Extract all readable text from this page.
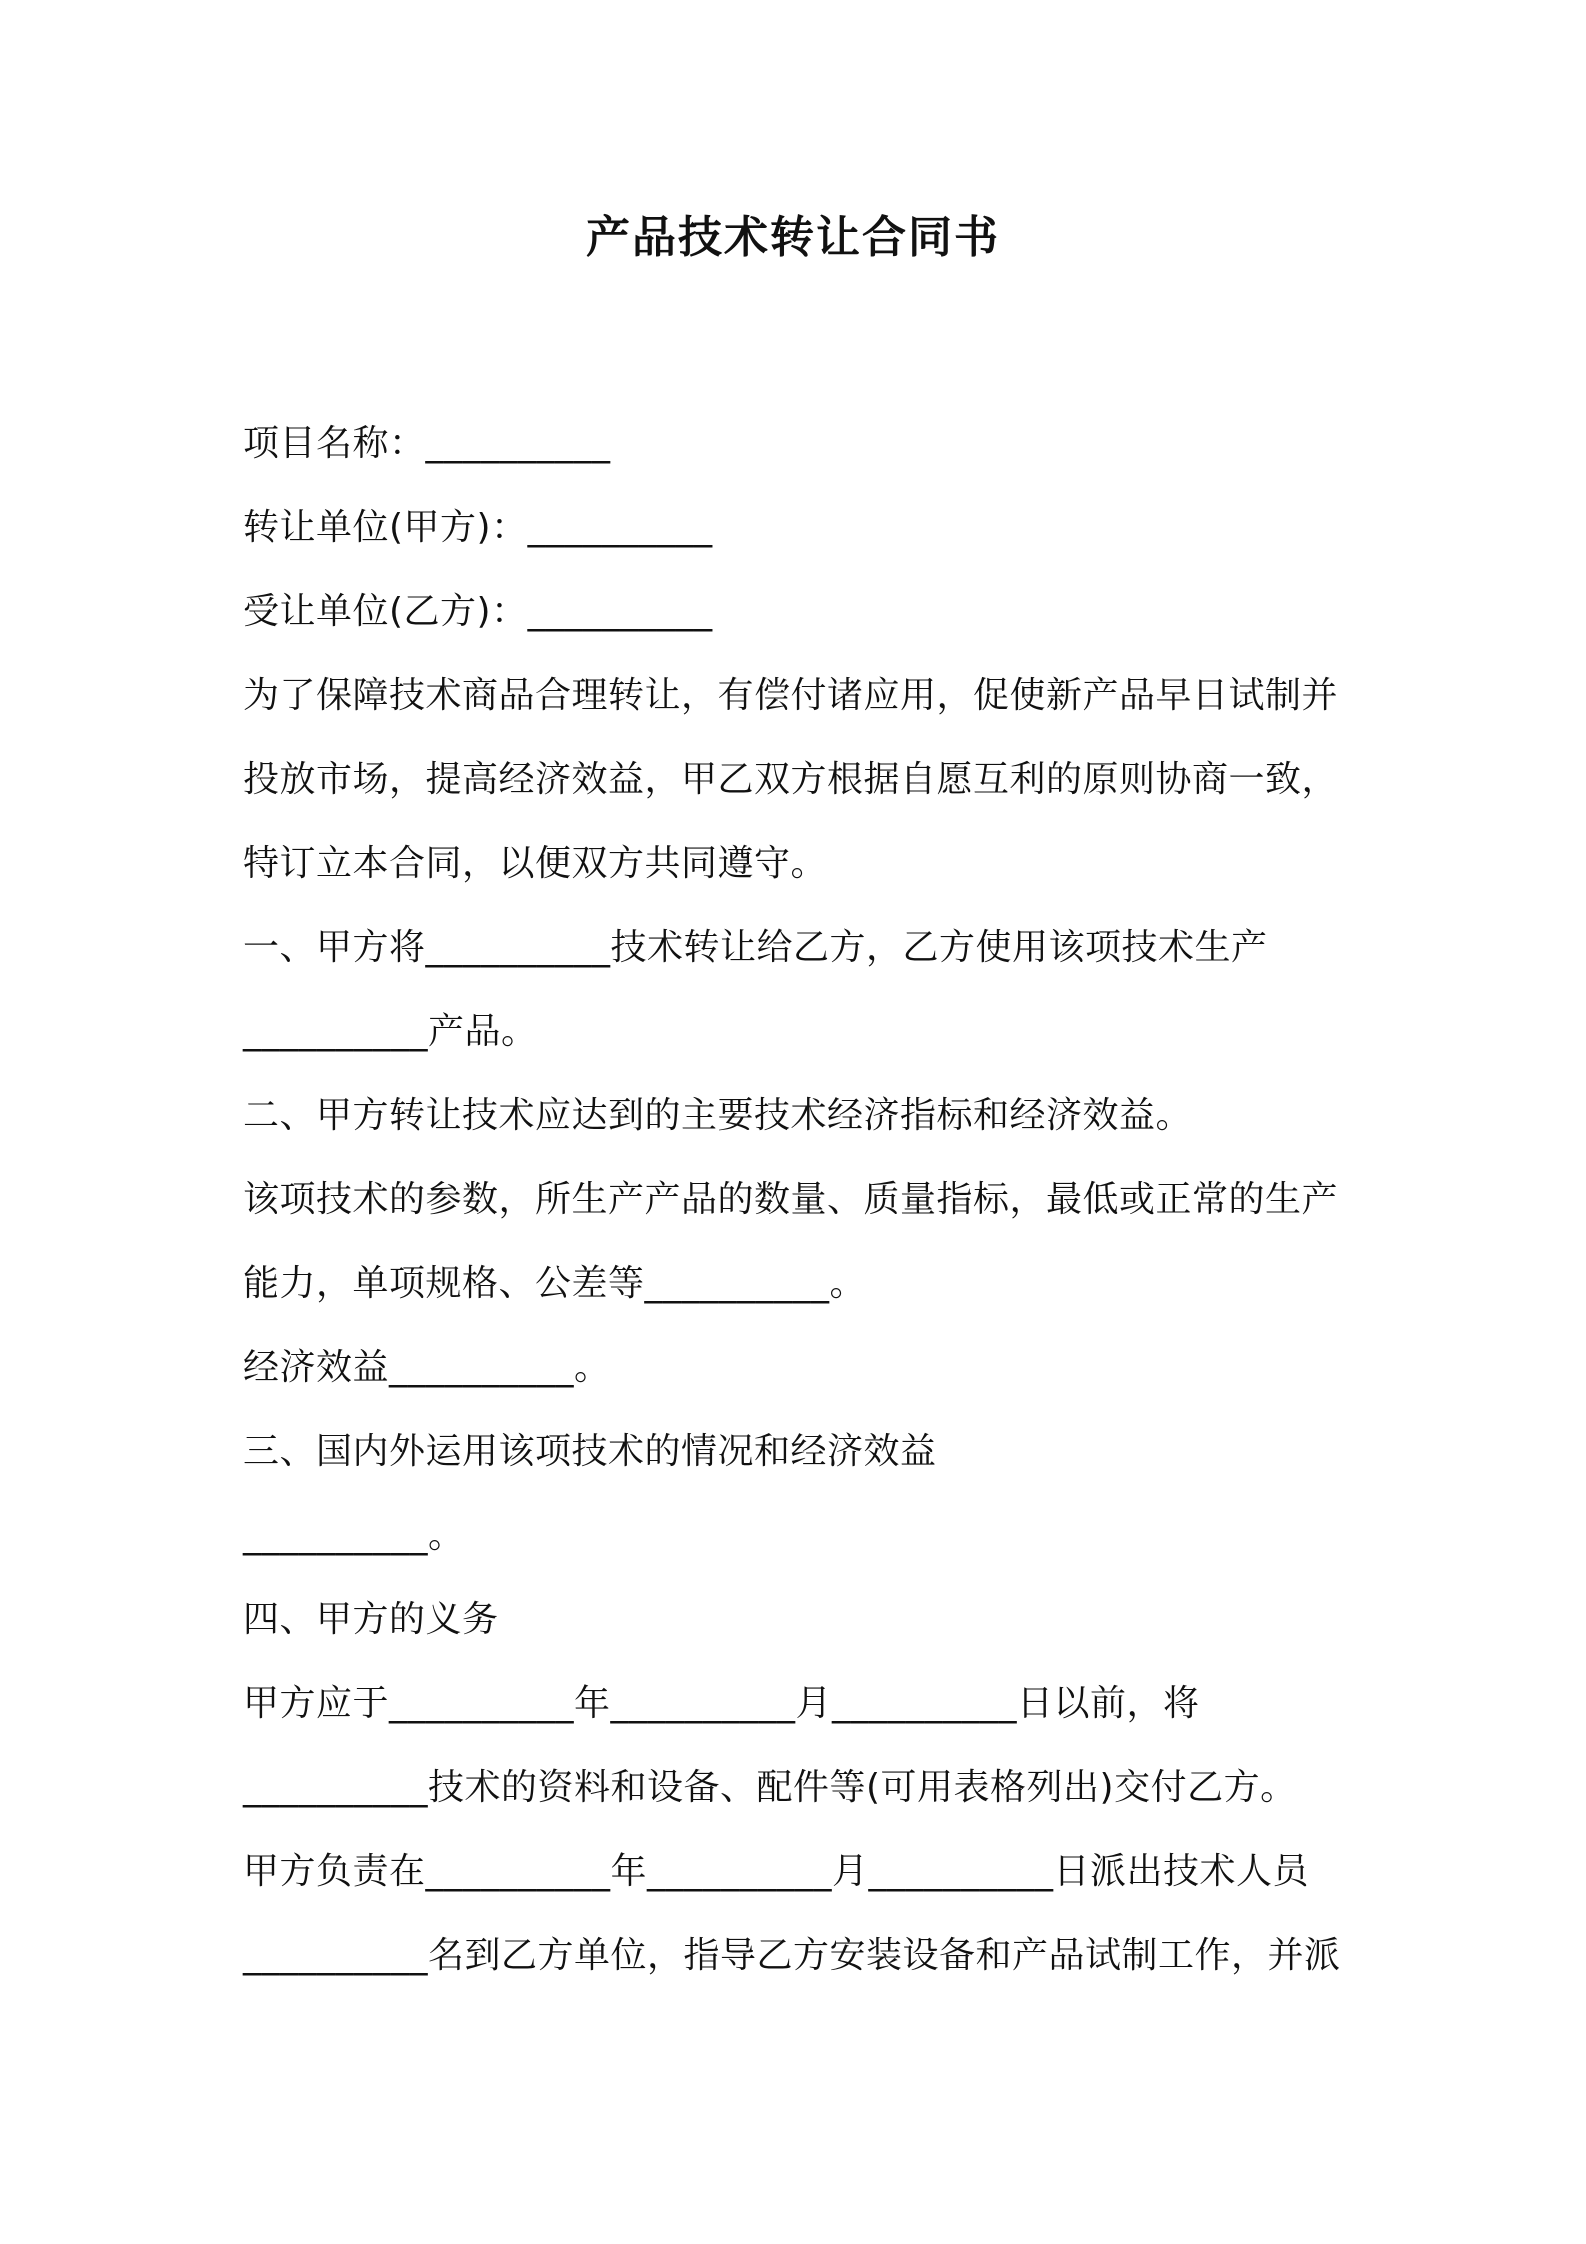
产品技术转让合同书
项目名称：__________
转让单位(甲方)：__________
受让单位(乙方)：__________
为了保障技术商品合理转让，有偿付诸应用，促使新产品早日试制并
投放市场，提高经济效益，甲乙双方根据自愿互利的原则协商一致，
特订立本合同，以便双方共同遵守。
一、甲方将__________技术转让给乙方，乙方使用该项技术生产
__________产品。
二、甲方转让技术应达到的主要技术经济指标和经济效益。
该项技术的参数，所生产产品的数量、质量指标，最低或正常的生产
能力，单项规格、公差等__________。
经济效益__________。
三、国内外运用该项技术的情况和经济效益
__________。
四、甲方的义务
甲方应于__________年__________月__________日以前，将
__________技术的资料和设备、配件等(可用表格列出)交付乙方。
甲方负责在__________年__________月__________日派出技术人员
__________名到乙方单位，指导乙方安装设备和产品试制工作，并派
